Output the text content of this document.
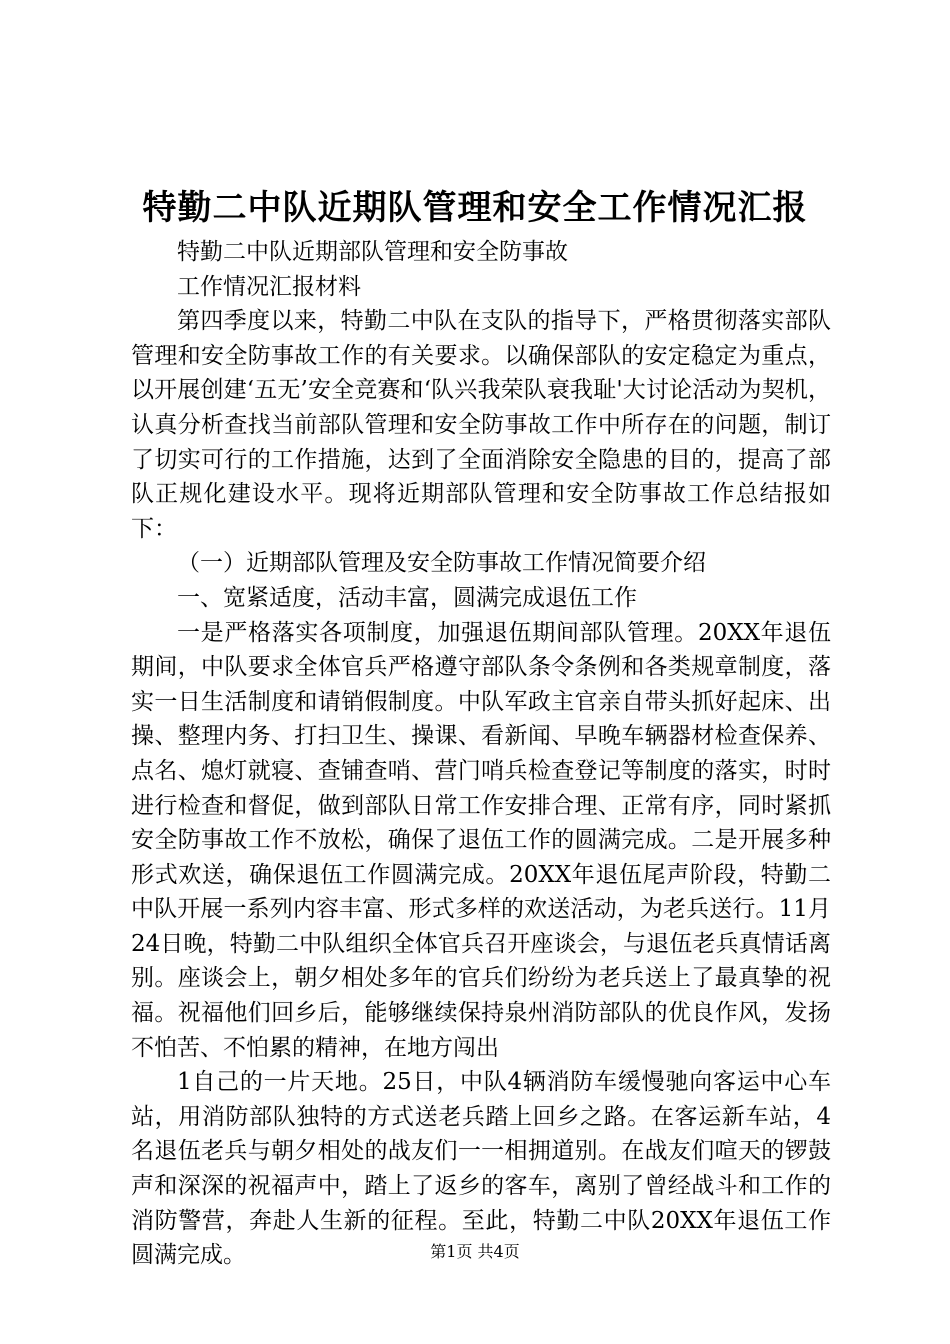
特勤二中队近期队管理和安全工作情况汇报

特勤二中队近期部队管理和安全防事故

工作情况汇报材料

第四季度以来，特勤二中队在支队的指导下，严格贯彻落实部队管理和安全防事故工作的有关要求。以确保部队的安定稳定为重点，以开展创建‘五无’安全竞赛和‘队兴我荣队衰我耻'大讨论活动为契机，认真分析查找当前部队管理和安全防事故工作中所存在的问题，制订了切实可行的工作措施，达到了全面消除安全隐患的目的，提高了部队正规化建设水平。现将近期部队管理和安全防事故工作总结报如下：

（一）近期部队管理及安全防事故工作情况简要介绍

一、宽紧适度，活动丰富，圆满完成退伍工作

一是严格落实各项制度，加强退伍期间部队管理。20XX年退伍期间，中队要求全体官兵严格遵守部队条令条例和各类规章制度，落实一日生活制度和请销假制度。中队军政主官亲自带头抓好起床、出操、整理内务、打扫卫生、操课、看新闻、早晚车辆器材检查保养、点名、熄灯就寝、查铺查哨、营门哨兵检查登记等制度的落实，时时进行检查和督促，做到部队日常工作安排合理、正常有序，同时紧抓安全防事故工作不放松，确保了退伍工作的圆满完成。二是开展多种形式欢送，确保退伍工作圆满完成。20XX年退伍尾声阶段，特勤二中队开展一系列内容丰富、形式多样的欢送活动，为老兵送行。11月24日晚，特勤二中队组织全体官兵召开座谈会，与退伍老兵真情话离别。座谈会上，朝夕相处多年的官兵们纷纷为老兵送上了最真挚的祝福。祝福他们回乡后，能够继续保持泉州消防部队的优良作风，发扬不怕苦、不怕累的精神，在地方闯出

1自己的一片天地。25日，中队4辆消防车缓慢驰向客运中心车站，用消防部队独特的方式送老兵踏上回乡之路。在客运新车站，4名退伍老兵与朝夕相处的战友们一一相拥道别。在战友们喧天的锣鼓声和深深的祝福声中，踏上了返乡的客车，离别了曾经战斗和工作的消防警营，奔赴人生新的征程。至此，特勤二中队20XX年退伍工作圆满完成。	第1页 共4页
